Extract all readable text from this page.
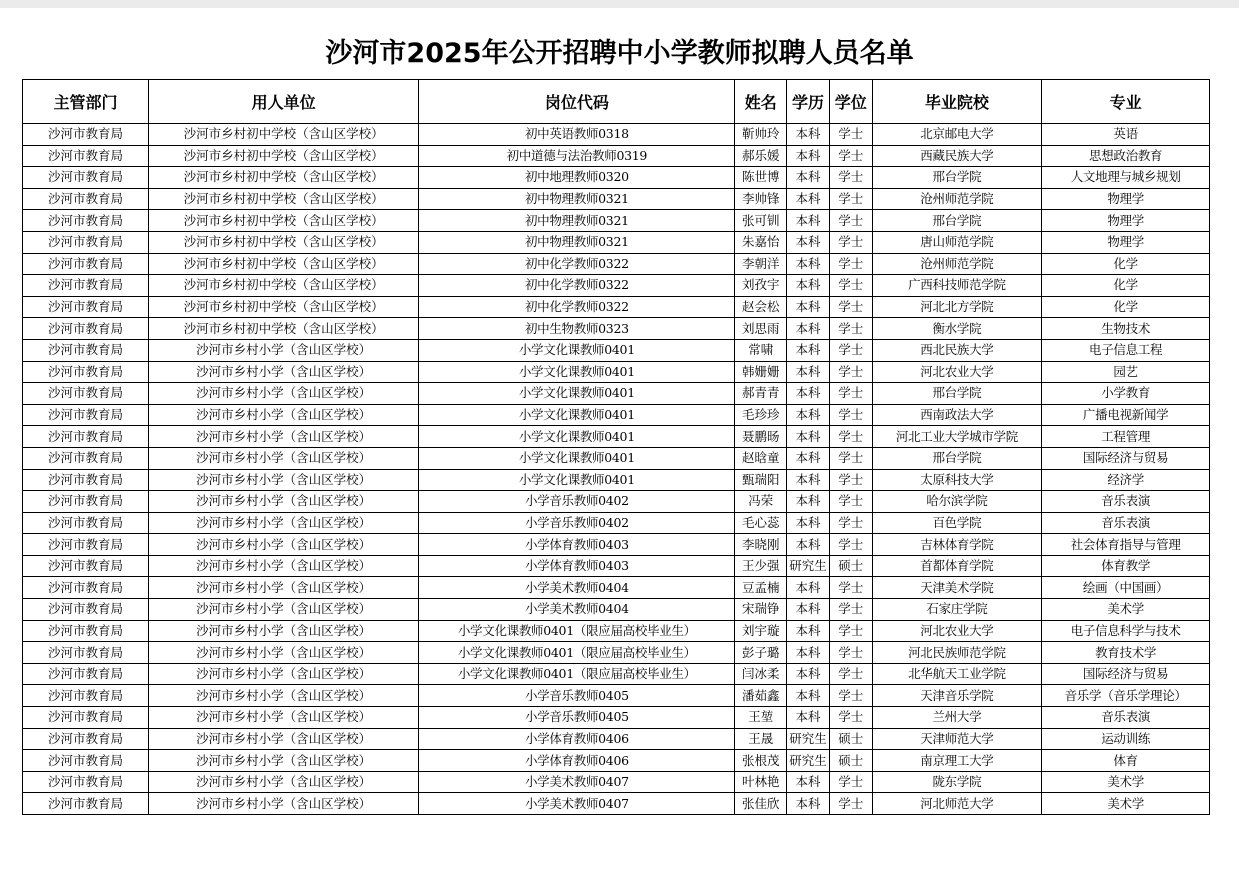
沙河市2025年公开招聘中小学教师拟聘人员名单
主管部门	用人单位	岗位代码	姓名	学历	学位	毕业院校	专业
沙河市教育局	沙河市乡村初中学校（含山区学校）	初中英语教师0318	靳帅玲	本科	学士	北京邮电大学	英语
沙河市教育局	沙河市乡村初中学校（含山区学校）	初中道德与法治教师0319	郝乐媛	本科	学士	西藏民族大学	思想政治教育
沙河市教育局	沙河市乡村初中学校（含山区学校）	初中地理教师0320	陈世博	本科	学士	邢台学院	人文地理与城乡规划
沙河市教育局	沙河市乡村初中学校（含山区学校）	初中物理教师0321	李帅锋	本科	学士	沧州师范学院	物理学
沙河市教育局	沙河市乡村初中学校（含山区学校）	初中物理教师0321	张可钏	本科	学士	邢台学院	物理学
沙河市教育局	沙河市乡村初中学校（含山区学校）	初中物理教师0321	朱嘉怡	本科	学士	唐山师范学院	物理学
沙河市教育局	沙河市乡村初中学校（含山区学校）	初中化学教师0322	李朝洋	本科	学士	沧州师范学院	化学
沙河市教育局	沙河市乡村初中学校（含山区学校）	初中化学教师0322	刘孜宇	本科	学士	广西科技师范学院	化学
沙河市教育局	沙河市乡村初中学校（含山区学校）	初中化学教师0322	赵会松	本科	学士	河北北方学院	化学
沙河市教育局	沙河市乡村初中学校（含山区学校）	初中生物教师0323	刘思雨	本科	学士	衡水学院	生物技术
沙河市教育局	沙河市乡村小学（含山区学校）	小学文化课教师0401	常啸	本科	学士	西北民族大学	电子信息工程
沙河市教育局	沙河市乡村小学（含山区学校）	小学文化课教师0401	韩姗姗	本科	学士	河北农业大学	园艺
沙河市教育局	沙河市乡村小学（含山区学校）	小学文化课教师0401	郝青青	本科	学士	邢台学院	小学教育
沙河市教育局	沙河市乡村小学（含山区学校）	小学文化课教师0401	毛珍珍	本科	学士	西南政法大学	广播电视新闻学
沙河市教育局	沙河市乡村小学（含山区学校）	小学文化课教师0401	聂鹏旸	本科	学士	河北工业大学城市学院	工程管理
沙河市教育局	沙河市乡村小学（含山区学校）	小学文化课教师0401	赵晗童	本科	学士	邢台学院	国际经济与贸易
沙河市教育局	沙河市乡村小学（含山区学校）	小学文化课教师0401	甄瑞阳	本科	学士	太原科技大学	经济学
沙河市教育局	沙河市乡村小学（含山区学校）	小学音乐教师0402	冯荣	本科	学士	哈尔滨学院	音乐表演
沙河市教育局	沙河市乡村小学（含山区学校）	小学音乐教师0402	毛心蕊	本科	学士	百色学院	音乐表演
沙河市教育局	沙河市乡村小学（含山区学校）	小学体育教师0403	李晓刚	本科	学士	吉林体育学院	社会体育指导与管理
沙河市教育局	沙河市乡村小学（含山区学校）	小学体育教师0403	王少强	研究生	硕士	首都体育学院	体育教学
沙河市教育局	沙河市乡村小学（含山区学校）	小学美术教师0404	豆孟楠	本科	学士	天津美术学院	绘画（中国画）
沙河市教育局	沙河市乡村小学（含山区学校）	小学美术教师0404	宋瑞铮	本科	学士	石家庄学院	美术学
沙河市教育局	沙河市乡村小学（含山区学校）	小学文化课教师0401（限应届高校毕业生）	刘宇璇	本科	学士	河北农业大学	电子信息科学与技术
沙河市教育局	沙河市乡村小学（含山区学校）	小学文化课教师0401（限应届高校毕业生）	彭子璐	本科	学士	河北民族师范学院	教育技术学
沙河市教育局	沙河市乡村小学（含山区学校）	小学文化课教师0401（限应届高校毕业生）	闫冰柔	本科	学士	北华航天工业学院	国际经济与贸易
沙河市教育局	沙河市乡村小学（含山区学校）	小学音乐教师0405	潘茹鑫	本科	学士	天津音乐学院	音乐学（音乐学理论）
沙河市教育局	沙河市乡村小学（含山区学校）	小学音乐教师0405	王堃	本科	学士	兰州大学	音乐表演
沙河市教育局	沙河市乡村小学（含山区学校）	小学体育教师0406	王晟	研究生	硕士	天津师范大学	运动训练
沙河市教育局	沙河市乡村小学（含山区学校）	小学体育教师0406	张根茂	研究生	硕士	南京理工大学	体育
沙河市教育局	沙河市乡村小学（含山区学校）	小学美术教师0407	叶林艳	本科	学士	陇东学院	美术学
沙河市教育局	沙河市乡村小学（含山区学校）	小学美术教师0407	张佳欣	本科	学士	河北师范大学	美术学
